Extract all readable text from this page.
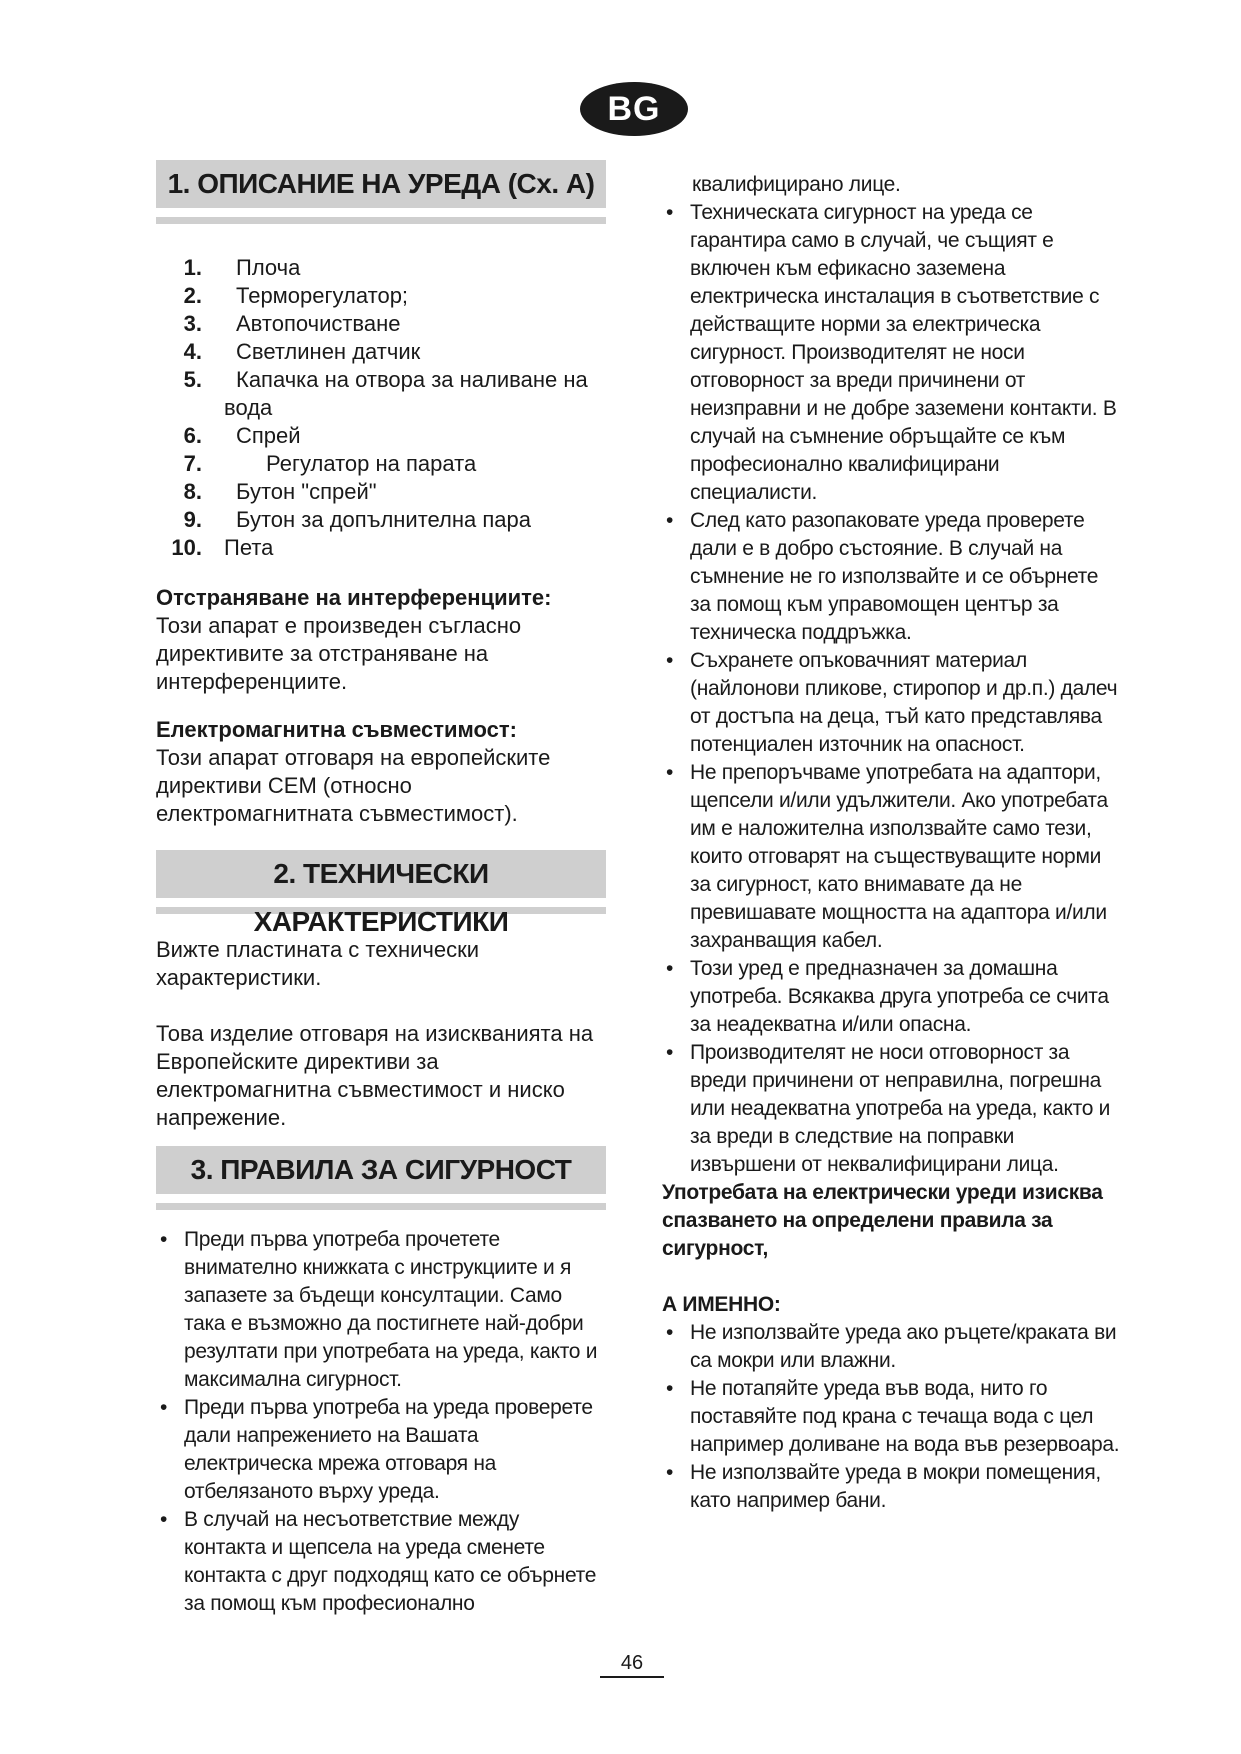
BG
1. ОПИСАНИЕ НА УРЕДА (Сх. А)
1. Плоча
2. Терморегулатор;
3. Автопочистване
4. Светлинен датчик
5. Капачка на отвора за наливане на
вода
6. Спрей
7.	Регулатор на парата
8. Бутон "спрей"
9. Бутон за допълнителна пара
10. Пета

Отстраняване на интерференциите:

Този апарат е произведен съгласно директивите за отстраняване на интерференциите.

Електромагнитна съвместимост:

Този апарат отговаря на европейските директиви CEM (относно електромагнитната съвместимост).

2. ТЕХНИЧЕСКИ ХАРАКТЕРИСТИКИ

Вижте пластината с технически характеристики.

Това изделие отговаря на изискванията на Европейските директиви за електромагнитна съвместимост и ниско напрежение.

3. ПРАВИЛА ЗА СИГУРНОСТ
• Преди първа употреба прочетете внимателно книжката с инструкциите и я запазете за бъдещи консултации. Само така е възможно да постигнете най-добри резултати при употребата на уреда, както и максимална сигурност.
• Преди първа употреба на уреда проверете дали напрежението на Вашата електрическа мрежа отговаря на отбелязаното върху уреда.
• В случай на несъответствие между контакта и щепсела на уреда сменете контакта с друг подходящ като се обърнете за помощ към професионално

квалифицирано лице.

• Техническата сигурност на уреда се гарантира само в случай, че същият е включен към ефикасно заземена електрическа инсталация в съответствие с действащите норми за електрическа сигурност. Производителят не носи отговорност за вреди причинени от неизправни и не добре заземени контакти. В случай на съмнение обръщайте се към професионално квалифицирани специалисти.
• След като разопаковате уреда проверете дали е в добро състояние. В случай на съмнение не го използвайте и се обърнете за помощ към упрaвомощен център за техническа поддръжка.
• Съхранете опъковачният материал (найлонови пликове, стиропор и др.п.) далеч от достъпа на деца, тъй като представлява потенциален източник на опасност.
• Не препоръчваме употребата на адаптори, щепсели и/или удължители. Ако употребата им е наложителна използвайте само тези, които отговарят на съществуващите норми за сигурност, като внимавате да не превишавате мощността на адаптора и/или захранващия кабел.
• Този уред е предназначен за домашна употреба. Всякаква друга употреба се счита за неадекватна и/или опасна.
• Производителят не носи отговорност за вреди причинени от неправилна, погрешна или неадекватна употреба на уреда, както и за вреди в следствие на поправки извършени от неквалифицирани лица.

Употребата на електрически уреди изисква спазването на определени правила за сигурност,

А ИМЕННО:

• Не използвайте уреда ако ръцете/краката ви са мокри или влажни.
• Не потапяйте уреда във вода, нито го поставяйте под крана с течаща вода с цел например доливане на вода във резервоара.
• Не използвайте уреда в мокри помещения, като например бани.
46
